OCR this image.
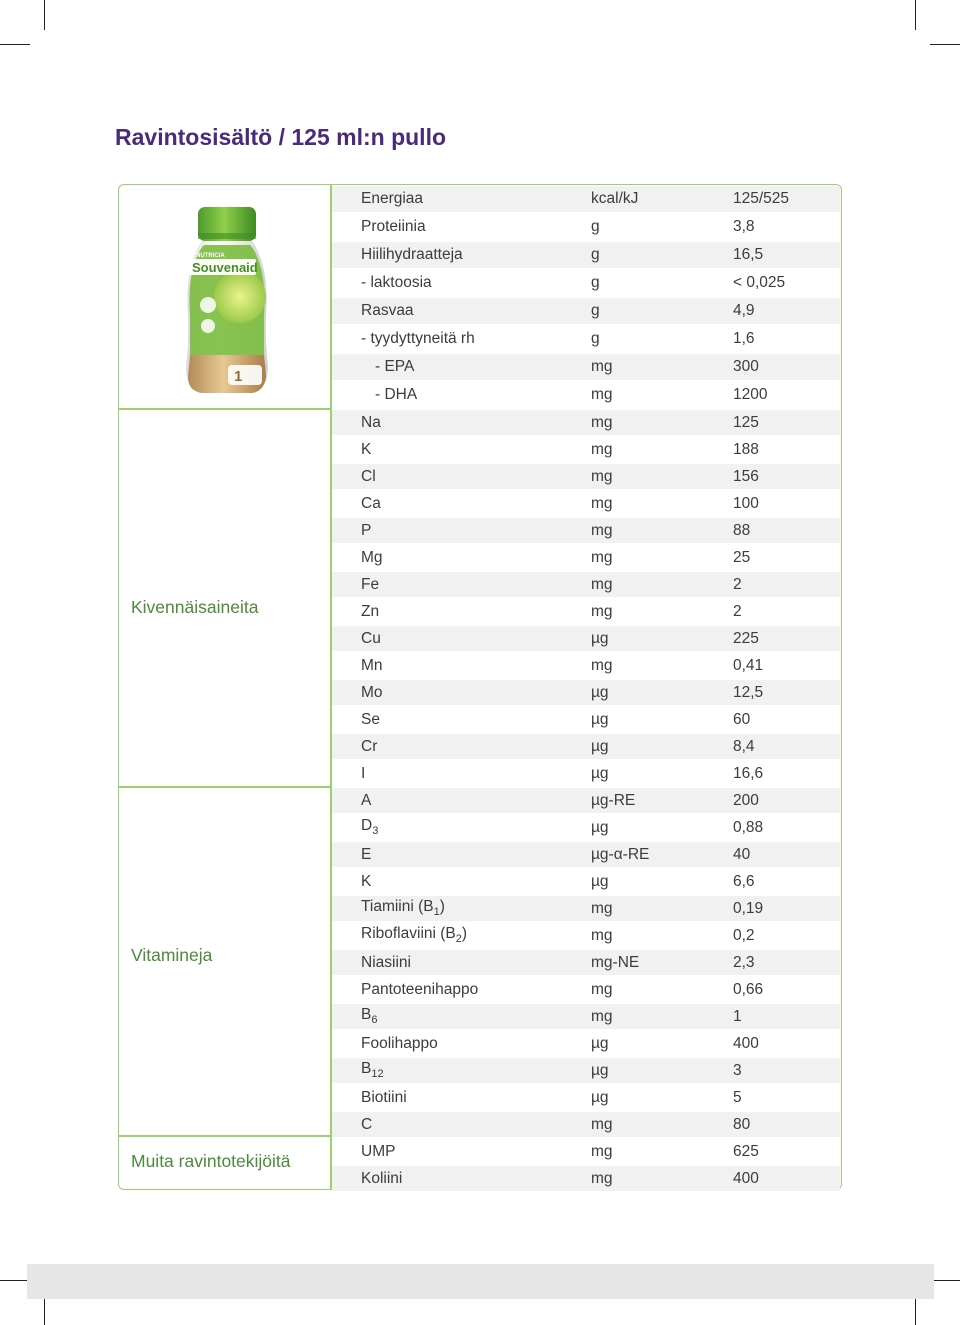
Ravintosisältö / 125 ml:n pullo
NUTRICIA
Souvenaid
1
Kivennäisaineita
Vitamineja
Muita ravintotekijöitä
Energiaa	kcal/kJ	125/525
Proteiinia	g	3,8
Hiilihydraatteja	g	16,5
- laktoosia	g	< 0,025
Rasvaa	g	4,9
- tyydyttyneitä rh	g	1,6
- EPA	mg	300
- DHA	mg	1200
Na	mg	125
K	mg	188
Cl	mg	156
Ca	mg	100
P	mg	88
Mg	mg	25
Fe	mg	2
Zn	mg	2
Cu	µg	225
Mn	mg	0,41
Mo	µg	12,5
Se	µg	60
Cr	µg	8,4
I	µg	16,6
A	µg-RE	200
$D_3$	µg	0,88
E	µg-α-RE	40
K	µg	6,6
Tiamiini $(B_1)$	mg	0,19
Riboflaviini $(B_2)$	mg	0,2
Niasiini	mg-NE	2,3
Pantoteenihappo	mg	0,66
$B_6$	mg	1
Foolihappo	µg	400
$B_{12}$	µg	3
Biotiini	µg	5
C	mg	80
UMP	mg	625
Koliini	mg	400
